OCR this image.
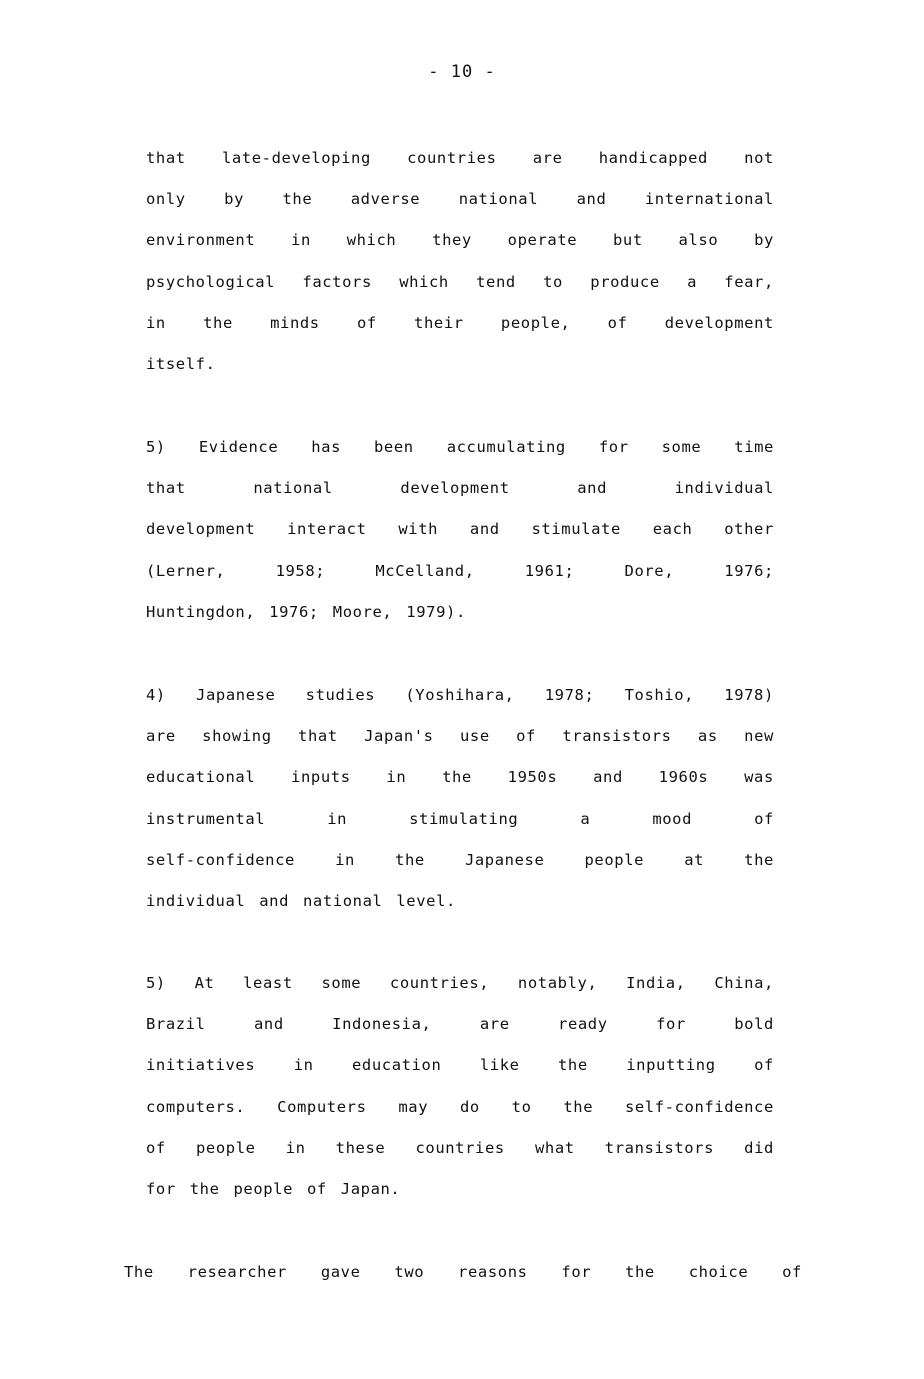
- 10 -
that late-developing countries are handicapped not
only by the adverse national and international
environment in which they operate but also by
psychological factors which tend to produce a fear,
in the minds of their people, of development
itself.
5) Evidence has been accumulating for some time
that	national	development	and	individual
development interact with and stimulate each other
(Lerner,	1958;	McCelland,	1961;	Dore,	1976;
Huntingdon, 1976; Moore, 1979).
4) Japanese studies (Yoshihara, 1978; Toshio, 1978)
are showing that Japan's use of transistors as new
educational inputs in the 1950s and 1960s was
instrumental	in	stimulating	a	mood	of
self-confidence	in	the	Japanese	people	at	the
individual and national level.
5) At least some countries, notably, India, China,
Brazil	and	Indonesia,	are	ready	for	bold
initiatives in education like the inputting of
computers. Computers may do to the self-confidence
of people in these countries what transistors did
for the people of Japan.
The researcher gave two reasons for the choice of
